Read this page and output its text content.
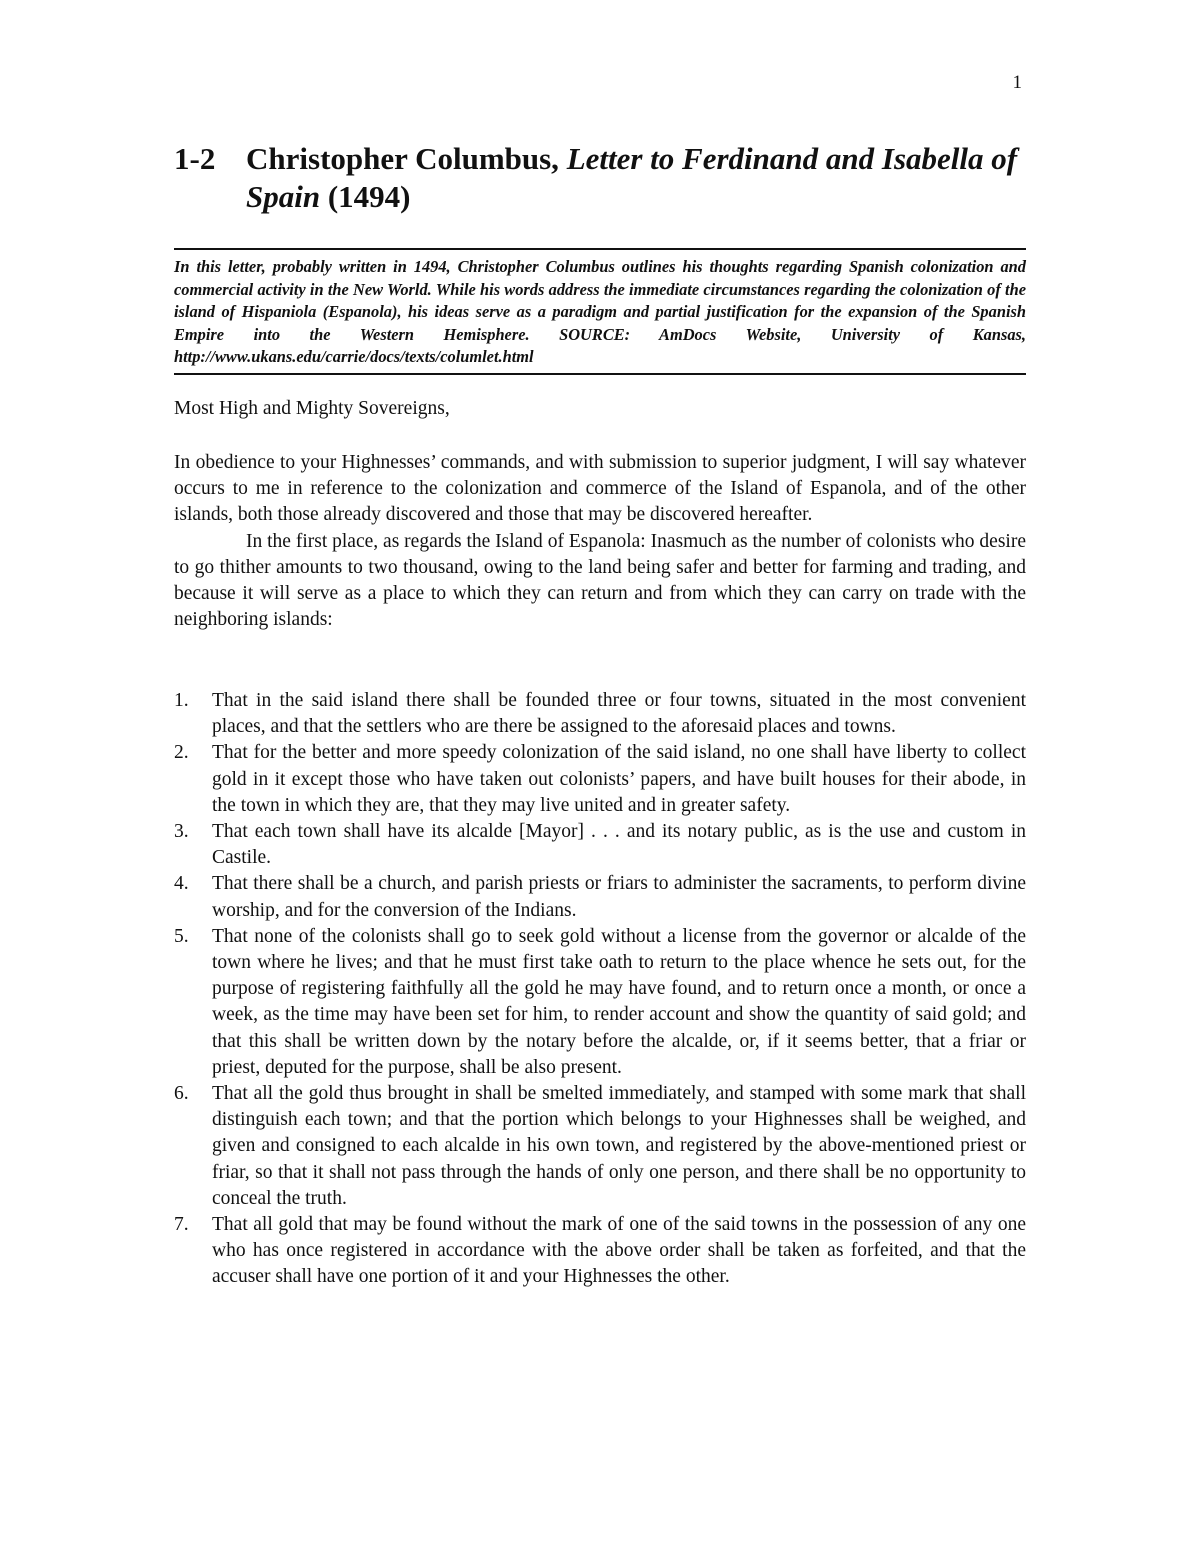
1
1-2 Christopher Columbus, Letter to Ferdinand and Isabella of Spain (1494)
In this letter, probably written in 1494, Christopher Columbus outlines his thoughts regarding Spanish colonization and commercial activity in the New World. While his words address the immediate circumstances regarding the colonization of the island of Hispaniola (Espanola), his ideas serve as a paradigm and partial justification for the expansion of the Spanish Empire into the Western Hemisphere. SOURCE: AmDocs Website, University of Kansas, http://www.ukans.edu/carrie/docs/texts/columlet.html
Most High and Mighty Sovereigns,

In obedience to your Highnesses’ commands, and with submission to superior judgment, I will say whatever occurs to me in reference to the colonization and commerce of the Island of Espanola, and of the other islands, both those already discovered and those that may be discovered hereafter.

In the first place, as regards the Island of Espanola: Inasmuch as the number of colonists who desire to go thither amounts to two thousand, owing to the land being safer and better for farming and trading, and because it will serve as a place to which they can return and from which they can carry on trade with the neighboring islands:

1.	That in the said island there shall be founded three or four towns, situated in the most convenient places, and that the settlers who are there be assigned to the aforesaid places and towns.
2.	That for the better and more speedy colonization of the said island, no one shall have liberty to collect gold in it except those who have taken out colonists’ papers, and have built houses for their abode, in the town in which they are, that they may live united and in greater safety.
3.	That each town shall have its alcalde [Mayor] . . . and its notary public, as is the use and custom in Castile.
4.	That there shall be a church, and parish priests or friars to administer the sacraments, to perform divine worship, and for the conversion of the Indians.
5.	That none of the colonists shall go to seek gold without a license from the governor or alcalde of the town where he lives; and that he must first take oath to return to the place whence he sets out, for the purpose of registering faithfully all the gold he may have found, and to return once a month, or once a week, as the time may have been set for him, to render account and show the quantity of said gold; and that this shall be written down by the notary before the alcalde, or, if it seems better, that a friar or priest, deputed for the purpose, shall be also present.
6.	That all the gold thus brought in shall be smelted immediately, and stamped with some mark that shall distinguish each town; and that the portion which belongs to your Highnesses shall be weighed, and given and consigned to each alcalde in his own town, and registered by the above-mentioned priest or friar, so that it shall not pass through the hands of only one person, and there shall be no opportunity to conceal the truth.
7.	That all gold that may be found without the mark of one of the said towns in the possession of any one who has once registered in accordance with the above order shall be taken as forfeited, and that the accuser shall have one portion of it and your Highnesses the other.
